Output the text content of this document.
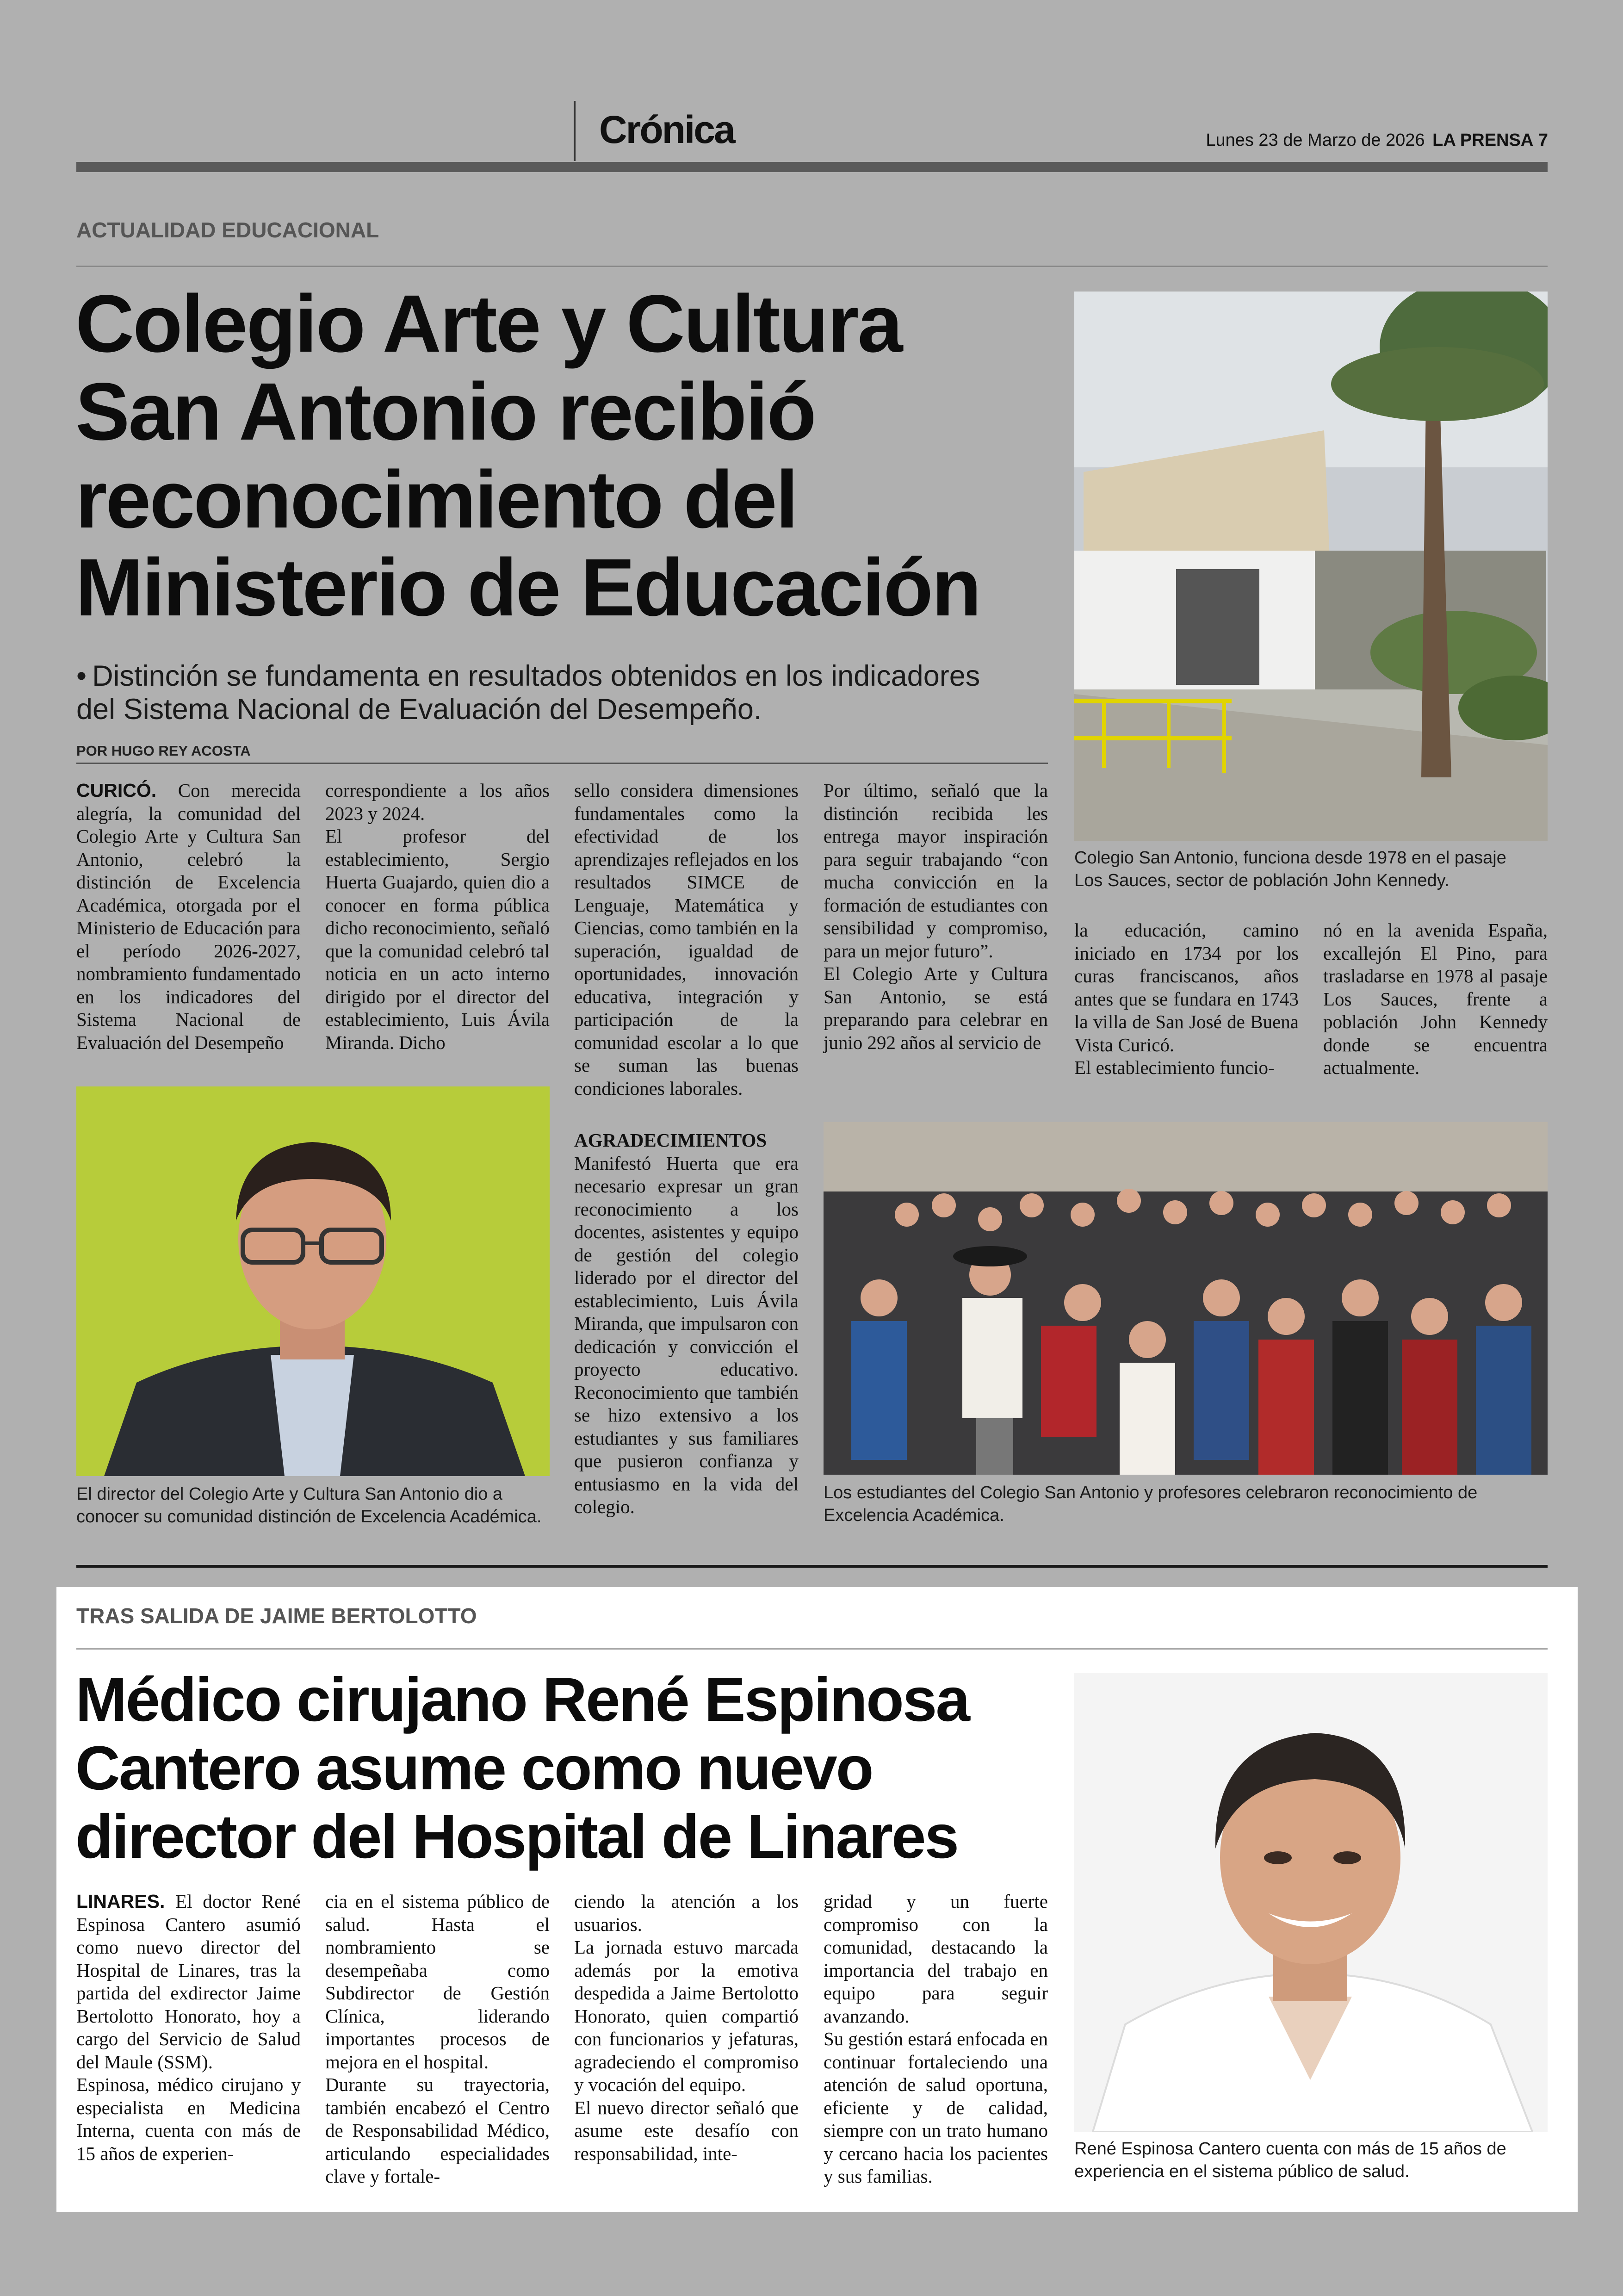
Crónica	Lunes 23 de Marzo de 2026 LA PRENSA 7
ACTUALIDAD EDUCACIONAL
Colegio Arte y Cultura
San Antonio recibió
reconocimiento del
Ministerio de Educación
• Distinción se fundamenta en resultados obtenidos en los indicadores
del Sistema Nacional de Evaluación del Desempeño.
POR HUGO REY ACOSTA
Colegio San Antonio, funciona desde 1978 en el pasaje
Los Sauces, sector de población John Kennedy.

CURICÓ. Con merecida alegría, la comunidad del Colegio Arte y Cultura San Antonio, celebró la distinción de Excelencia Académica, otorgada por el Ministerio de Educación para el período 2026-2027, nombramiento fundamentado en los indicadores del Sistema Nacional de Evaluación del Desempeño

correspondiente a los años 2023 y 2024.

El profesor del establecimiento, Sergio Huerta Guajardo, quien dio a conocer en forma pública dicho reconocimiento, señaló que la comunidad celebró tal noticia en un acto interno dirigido por el director del establecimiento, Luis Ávila Miranda. Dicho

sello considera dimensiones fundamentales como la efectividad de los aprendizajes reflejados en los resultados SIMCE de Lenguaje, Matemática y Ciencias, como también en la superación, igualdad de oportunidades, innovación educativa, integración y participación de la comunidad escolar a lo que se suman las buenas condiciones laborales.

Por último, señaló que la distinción recibida les entrega mayor inspiración para seguir trabajando “con mucha convicción en la formación de estudiantes con sensibilidad y compromiso, para un mejor futuro”.

El Colegio Arte y Cultura San Antonio, se está preparando para celebrar en junio 292 años al servicio de

la educación, camino iniciado en 1734 por los curas franciscanos, años antes que se fundara en 1743 la villa de San José de Buena Vista Curicó.

El establecimiento funcio-

nó en la avenida España, excallejón El Pino, para trasladarse en 1978 al pasaje Los Sauces, frente a población John Kennedy donde se encuentra actualmente.

El director del Colegio Arte y Cultura San Antonio dio a
conocer su comunidad distinción de Excelencia Académica.

AGRADECIMIENTOS

Manifestó Huerta que era necesario expresar un gran reconocimiento a los docentes, asistentes y equipo de gestión del colegio liderado por el director del establecimiento, Luis Ávila Miranda, que impulsaron con dedicación y convicción el proyecto educativo. Reconocimiento que también se hizo extensivo a los estudiantes y sus familiares que pusieron confianza y entusiasmo en la vida del colegio.

Los estudiantes del Colegio San Antonio y profesores celebraron reconocimiento de
Excelencia Académica.
TRAS SALIDA DE JAIME BERTOLOTTO
Médico cirujano René Espinosa
Cantero asume como nuevo
director del Hospital de Linares

LINARES. El doctor René Espinosa Cantero asumió como nuevo director del Hospital de Linares, tras la partida del exdirector Jaime Bertolotto Honorato, hoy a cargo del Servicio de Salud del Maule (SSM).

Espinosa, médico cirujano y especialista en Medicina Interna, cuenta con más de 15 años de experien-

cia en el sistema público de salud. Hasta el nombramiento se desempeñaba como Subdirector de Gestión Clínica, liderando importantes procesos de mejora en el hospital.

Durante su trayectoria, también encabezó el Centro de Responsabilidad Médico, articulando especialidades clave y fortale-

ciendo la atención a los usuarios.

La jornada estuvo marcada además por la emotiva despedida a Jaime Bertolotto Honorato, quien compartió con funcionarios y jefaturas, agradeciendo el compromiso y vocación del equipo.

El nuevo director señaló que asume este desafío con responsabilidad, inte-

gridad y un fuerte compromiso con la comunidad, destacando la importancia del trabajo en equipo para seguir avanzando.

Su gestión estará enfocada en continuar fortaleciendo una atención de salud oportuna, eficiente y de calidad, siempre con un trato humano y cercano hacia los pacientes y sus familias.

René Espinosa Cantero cuenta con más de 15 años de
experiencia en el sistema público de salud.
